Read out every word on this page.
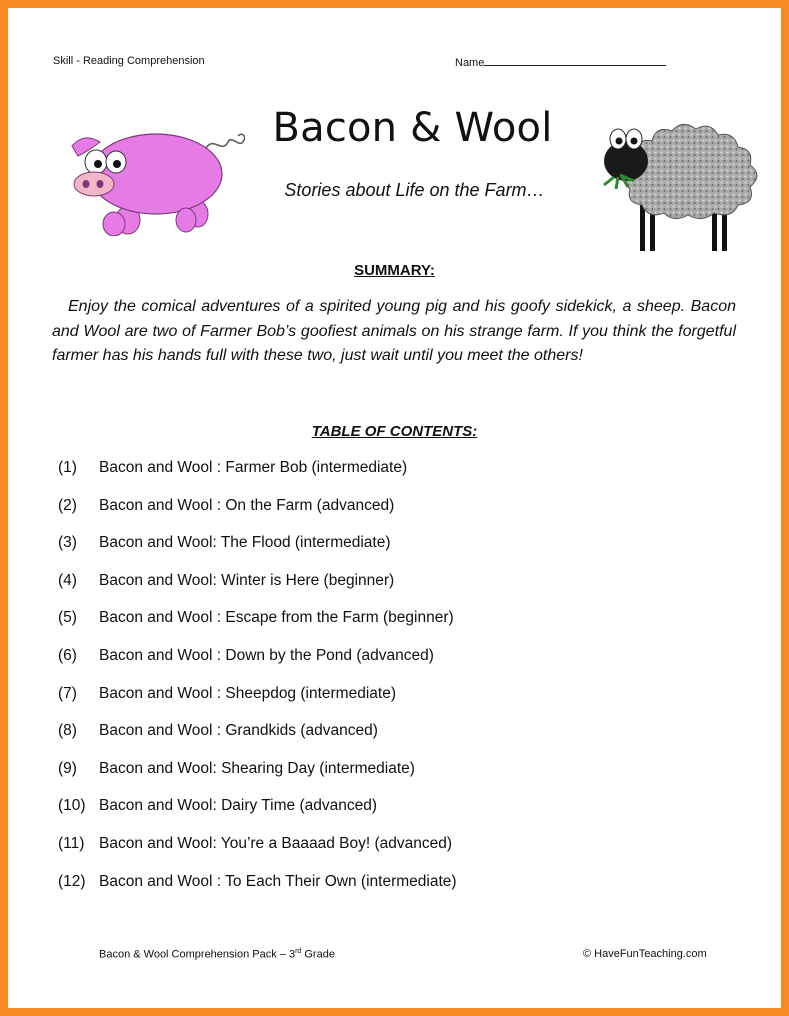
Skill - Reading Comprehension	Name
Bacon & Wool
Stories about Life on the Farm…
SUMMARY:

Enjoy the comical adventures of a spirited young pig and his goofy sidekick, a sheep. Bacon and Wool are two of Farmer Bob’s goofiest animals on his strange farm. If you think the forgetful farmer has his hands full with these two, just wait until you meet the others!

TABLE OF CONTENTS:
(1)	Bacon and Wool : Farmer Bob (intermediate)
(2)	Bacon and Wool : On the Farm (advanced)
(3)	Bacon and Wool: The Flood (intermediate)
(4)	Bacon and Wool: Winter is Here (beginner)
(5)	Bacon and Wool : Escape from the Farm (beginner)
(6)	Bacon and Wool : Down by the Pond (advanced)
(7)	Bacon and Wool : Sheepdog (intermediate)
(8)	Bacon and Wool : Grandkids (advanced)
(9)	Bacon and Wool: Shearing Day (intermediate)
(10) Bacon and Wool: Dairy Time (advanced)
(11) Bacon and Wool: You’re a Baaaad Boy! (advanced)
(12) Bacon and Wool : To Each Their Own (intermediate)
Bacon & Wool Comprehension Pack – 3rd Grade	© HaveFunTeaching.com
